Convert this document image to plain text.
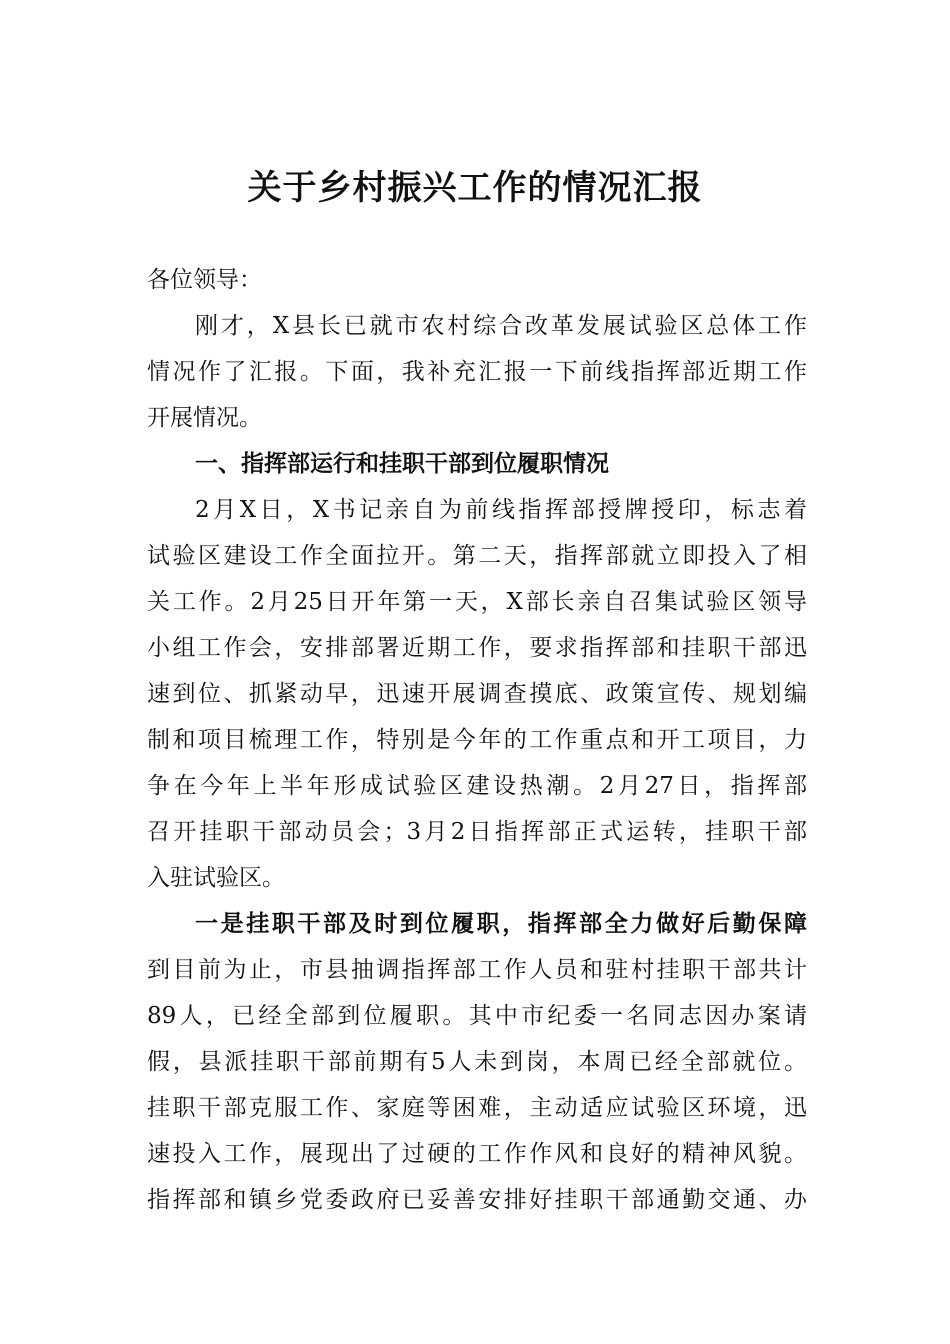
关于乡村振兴工作的情况汇报
各位领导：
刚才，X县长已就市农村综合改革发展试验区总体工作
情况作了汇报。下面，我补充汇报一下前线指挥部近期工作
开展情况。
一、指挥部运行和挂职干部到位履职情况
2月X日，X书记亲自为前线指挥部授牌授印，标志着
试验区建设工作全面拉开。第二天，指挥部就立即投入了相
关工作。2月25日开年第一天，X部长亲自召集试验区领导
小组工作会，安排部署近期工作，要求指挥部和挂职干部迅
速到位、抓紧动早，迅速开展调查摸底、政策宣传、规划编
制和项目梳理工作，特别是今年的工作重点和开工项目，力
争在今年上半年形成试验区建设热潮。2月27日，指挥部
召开挂职干部动员会；3月2日指挥部正式运转，挂职干部
入驻试验区。
一是挂职干部及时到位履职，指挥部全力做好后勤保障
到目前为止，市县抽调指挥部工作人员和驻村挂职干部共计
89人，已经全部到位履职。其中市纪委一名同志因办案请
假，县派挂职干部前期有5人未到岗，本周已经全部就位。
挂职干部克服工作、家庭等困难，主动适应试验区环境，迅
速投入工作，展现出了过硬的工作作风和良好的精神风貌。
指挥部和镇乡党委政府已妥善安排好挂职干部通勤交通、办
